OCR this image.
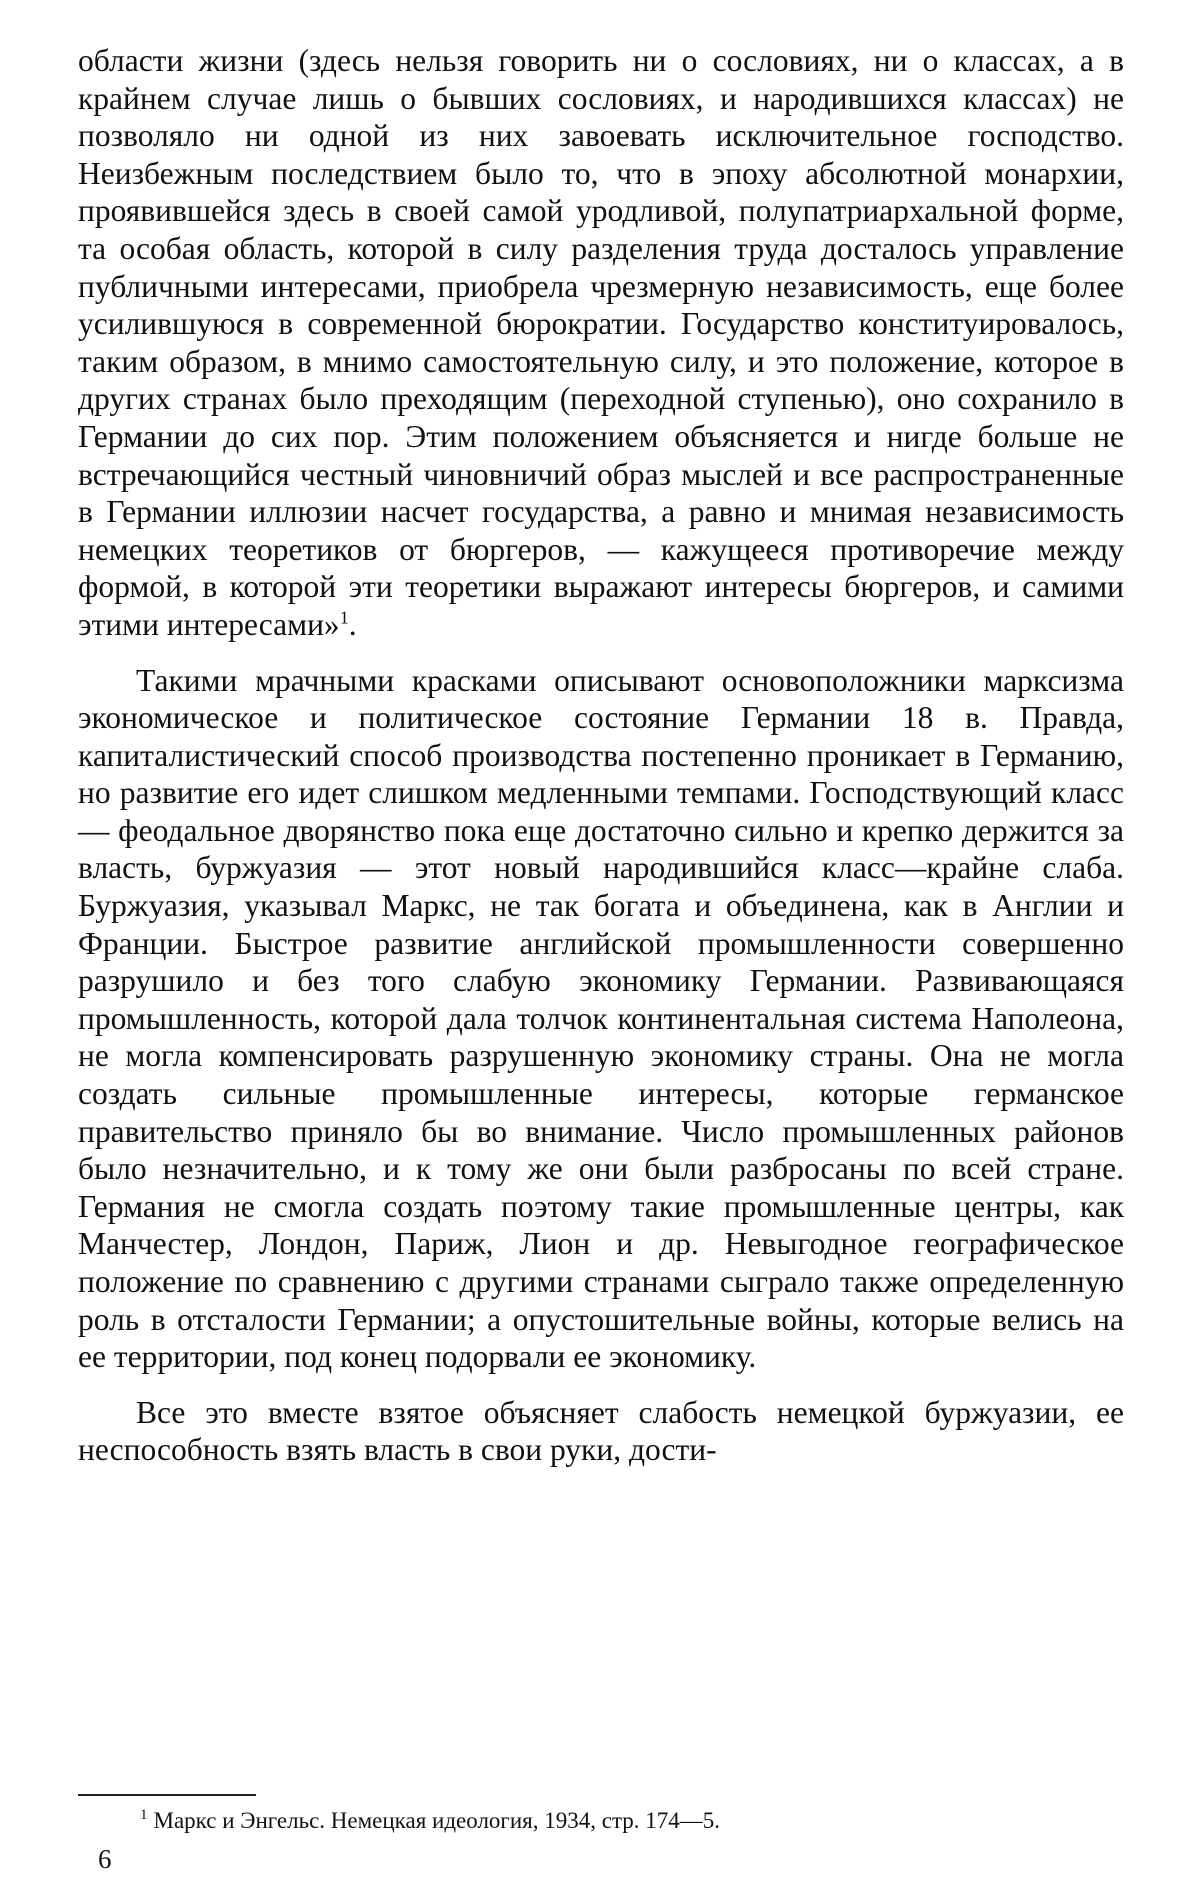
области жизни (здесь нельзя говорить ни о сословиях, ни о классах, а в крайнем случае лишь о бывших сословиях, и народившихся классах) не позволяло ни одной из них завоевать исключительное господство. Неизбежным последствием было то, что в эпоху абсолютной монархии, проявившейся здесь в своей самой уродливой, полупатриархальной форме, та особая область, которой в силу разделения труда досталось управление публичными интересами, приобрела чрезмерную независимость, еще более усилившуюся в современной бюрократии. Государство конституировалось, таким образом, в мнимо самостоятельную силу, и это положение, которое в других странах было преходящим (переходной ступенью), оно сохранило в Германии до сих пор. Этим положением объясняется и нигде больше не встречающийся честный чиновничий образ мыслей и все распространенные в Германии иллюзии насчет государства, а равно и мнимая независимость немецких теоретиков от бюргеров, — кажущееся противоречие между формой, в которой эти теоретики выражают интересы бюргеров, и самими этими интересами»$^1$.

Такими мрачными красками описывают основоположники марксизма экономическое и политическое состояние Германии 18 в. Правда, капиталистический способ производства постепенно проникает в Германию, но развитие его идет слишком медленными темпами. Господствующий класс — феодальное дворянство пока еще достаточно сильно и крепко держится за власть, буржуазия — этот новый народившийся класс—крайне слаба. Буржуазия, указывал Маркс, не так богата и объединена, как в Англии и Франции. Быстрое развитие английской промышленности совершенно разрушило и без того слабую экономику Германии. Развивающаяся промышленность, которой дала толчок континентальная система Наполеона, не могла компенсировать разрушенную экономику страны. Она не могла создать сильные промышленные интересы, которые германское правительство приняло бы во внимание. Число промышленных районов было незначительно, и к тому же они были разбросаны по всей стране. Германия не смогла создать поэтому такие промышленные центры, как Манчестер, Лондон, Париж, Лион и др. Невыгодное географическое положение по сравнению с другими странами сыграло также определенную роль в отсталости Германии; а опустошительные войны, которые велись на ее территории, под конец подорвали ее экономику.

Все это вместе взятое объясняет слабость немецкой буржуазии, ее неспособность взять власть в свои руки, дости-

$^1$ Маркс и Энгельс. Немецкая идеология, 1934, стр. 174—5.
6
